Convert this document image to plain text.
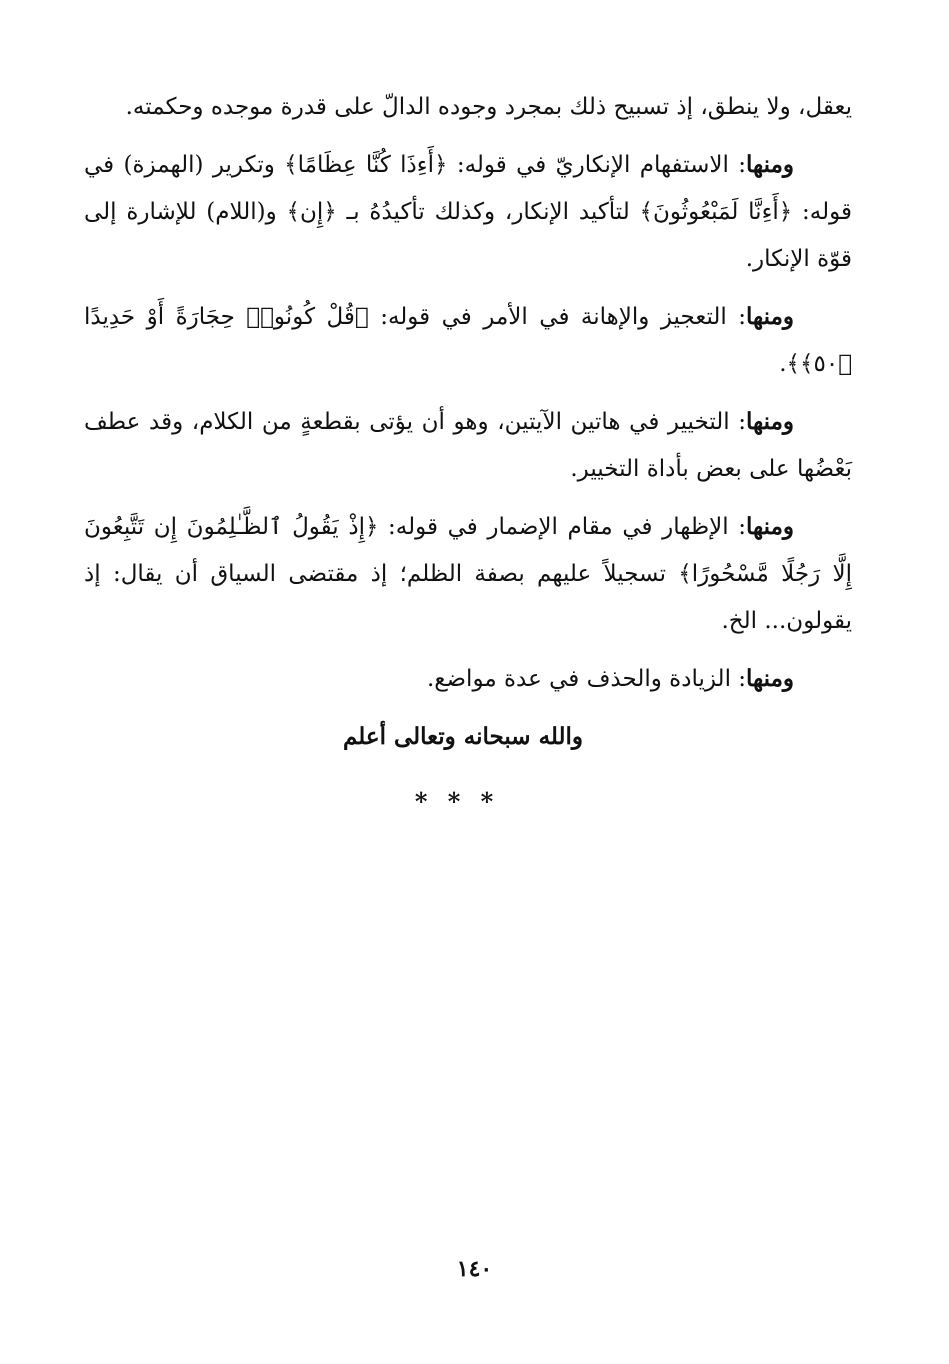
يعقل، ولا ينطق، إذ تسبيح ذلك بمجرد وجوده الدالّ على قدرة موجده وحكمته.

ومنها: الاستفهام الإنكاريّ في قوله: ﴿أَءِذَا كُنَّا عِظَامًا﴾ وتكرير (الهمزة) في قوله: ﴿أَءِنَّا لَمَبْعُوثُونَ﴾ لتأكيد الإنكار، وكذلك تأكيدُهُ بـ ﴿إِن﴾ و(اللام) للإشارة إلى قوّة الإنكار.

ومنها: التعجيز والإهانة في الأمر في قوله: ﴿قُلْ كُونُوا۟ حِجَارَةً أَوْ حَدِيدًا ﴿٥٠﴾﴾.

ومنها: التخيير في هاتين الآيتين، وهو أن يؤتى بقطعةٍ من الكلام، وقد عطف بَعْضُها على بعض بأداة التخيير.

ومنها: الإظهار في مقام الإضمار في قوله: ﴿إِذْ يَقُولُ ٱلظَّـٰلِمُونَ إِن تَتَّبِعُونَ إِلَّا رَجُلًا مَّسْحُورًا﴾ تسجيلاً عليهم بصفة الظلم؛ إذ مقتضى السياق أن يقال: إذ يقولون... الخ.

ومنها: الزيادة والحذف في عدة مواضع.

والله سبحانه وتعالى أعلم
* * *
١٤٠
